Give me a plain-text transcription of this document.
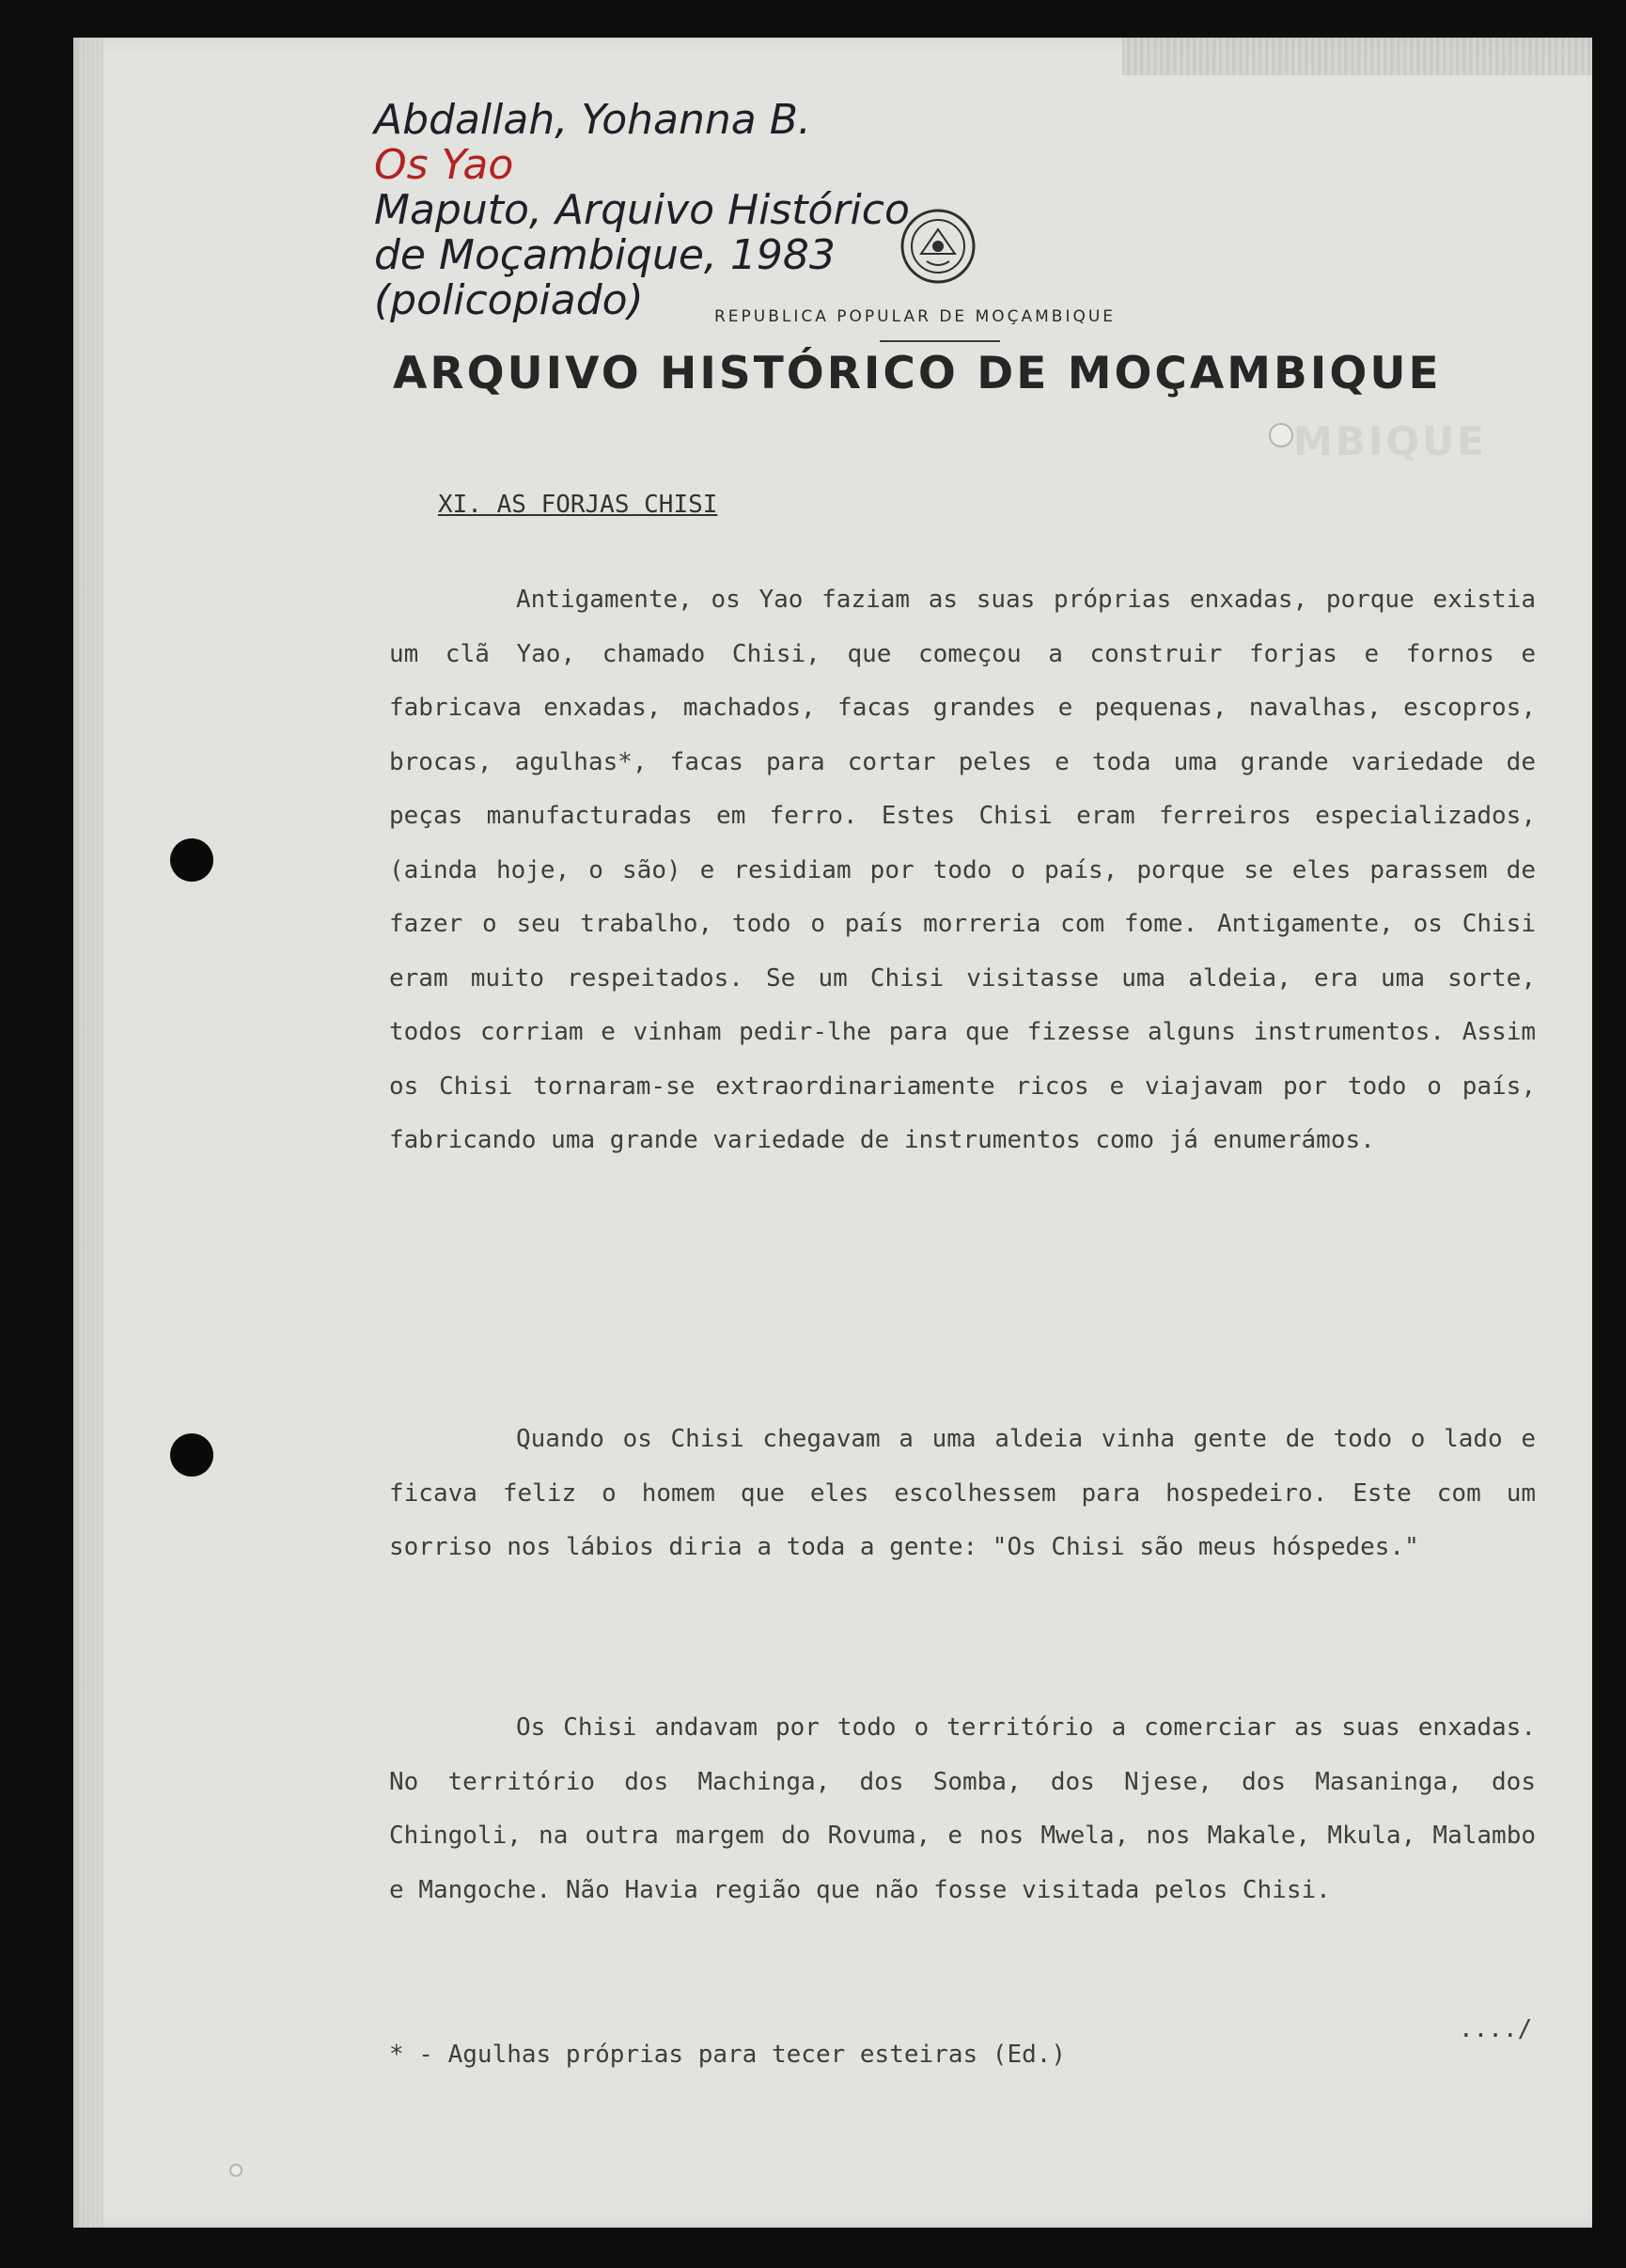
Abdallah, Yohanna B.
Os Yao
Maputo, Arquivo Histórico
de Moçambique, 1983
(policopiado)	REPUBLICA POPULAR DE MOÇAMBIQUE
ARQUIVO HISTÓRICO DE MOÇAMBIQUE
MBIQUE
XI. AS FORJAS CHISI
Antigamente, os Yao faziam as suas próprias enxadas, porque existia um clã Yao, chamado Chisi, que começou a construir forjas e fornos e fabricava enxadas, machados, facas grandes e pequenas, navalhas, escopros, brocas, agulhas*, facas para cortar peles e toda uma grande variedade de peças manufacturadas em ferro. Estes Chisi eram ferreiros especializados, (ainda hoje, o são) e residiam por todo o país, porque se eles parassem de fazer o seu trabalho, todo o país morreria com fome. Antigamente, os Chisi eram muito respeitados. Se um Chisi visitasse uma aldeia, era uma sorte, todos corriam e vinham pedir-lhe para que fizesse alguns instrumentos. Assim os Chisi tornaram-se extraordinariamente ricos e viajavam por todo o país, fabricando uma grande variedade de instrumentos como já enumerámos.
Quando os Chisi chegavam a uma aldeia vinha gente de todo o lado e ficava feliz o homem que eles escolhessem para hospedeiro. Este com um sorriso nos lábios diria a toda a gente: "Os Chisi são meus hóspedes."
Os Chisi andavam por todo o território a comerciar as suas enxadas. No território dos Machinga, dos Somba, dos Njese, dos Masaninga, dos Chingoli, na outra margem do Rovuma, e nos Mwela, nos Makale, Mkula, Malambo e Mangoche. Não Havia região que não fosse visitada pelos Chisi.
..../
* - Agulhas próprias para tecer esteiras (Ed.)
